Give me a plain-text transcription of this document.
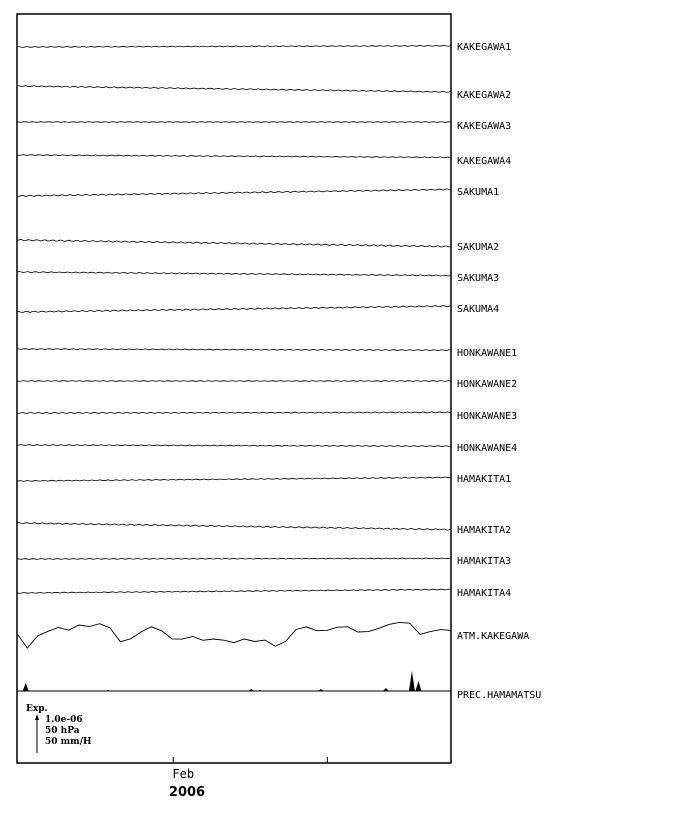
KAKEGAWA1
KAKEGAWA2
KAKEGAWA3
KAKEGAWA4
SAKUMA1
SAKUMA2
SAKUMA3
SAKUMA4
HONKAWANE1
HONKAWANE2
HONKAWANE3
HONKAWANE4
HAMAKITA1
HAMAKITA2
HAMAKITA3
HAMAKITA4
ATM.KAKEGAWA
PREC.HAMAMATSU
Exp.
1.0e-06
50 hPa
50 mm/H
Feb
2006
